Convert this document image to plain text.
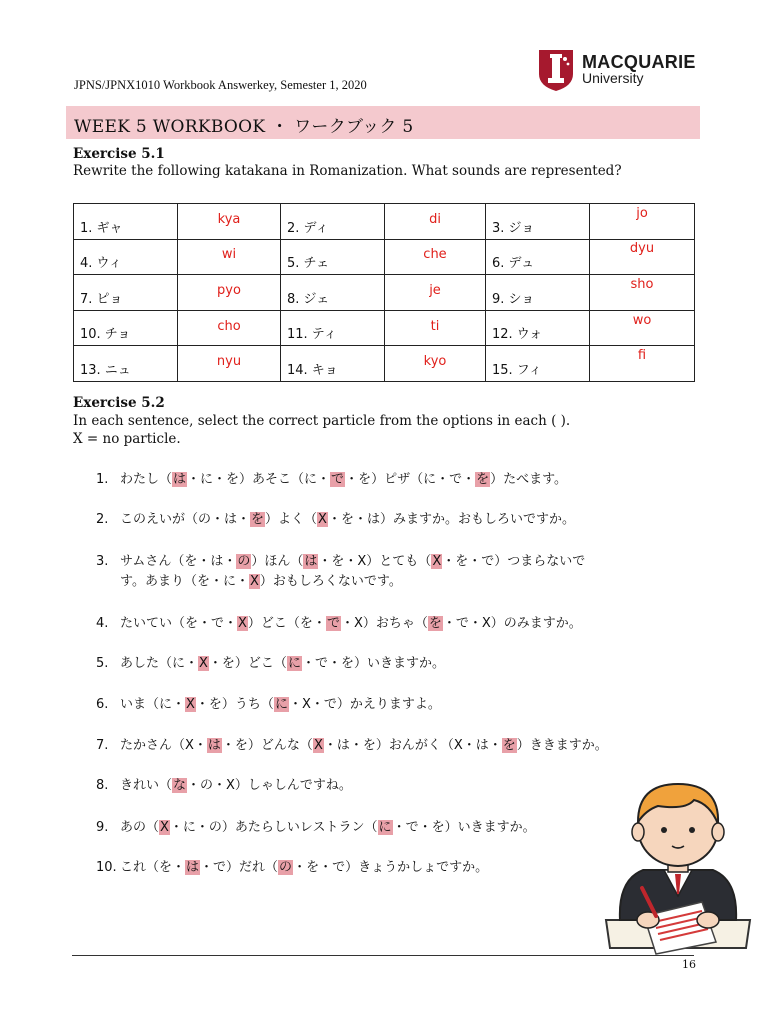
JPNS/JPNX1010 Workbook Answerkey, Semester 1, 2020
MACQUARIE
University
WEEK 5 WORKBOOK ・ ワークブック 5
Exercise 5.1
Rewrite the following katakana in Romanization. What sounds are represented?
1. ギャ	kya	2. ディ	di	3. ジョ	jo
4. ウィ	wi	5. チェ	che	6. デュ	dyu
7. ピョ	pyo	8. ジェ	je	9. ショ	sho
10. チョ	cho	11. ティ	ti	12. ウォ	wo
13. ニュ	nyu	14. キョ	kyo	15. フィ	fi
Exercise 5.2
In each sentence, select the correct particle from the options in each ( ).
X = no particle.
1. わたし（は・に・を）あそこ（に・で・を）ピザ（に・で・を）たべます。
2. このえいが（の・は・を）よく（X・を・は）みますか。おもしろいですか。
3. サムさん（を・は・の）ほん（は・を・X）とても（X・を・で）つまらないで
す。あまり（を・に・X）おもしろくないです。
4. たいてい（を・で・X）どこ（を・で・X）おちゃ（を・で・X）のみますか。
5. あした（に・X・を）どこ（に・で・を）いきますか。
6. いま（に・X・を）うち（に・X・で）かえりますよ。
7. たかさん（X・は・を）どんな（X・は・を）おんがく（X・は・を）ききますか。
8. きれい（な・の・X）しゃしんですね。
9. あの（X・に・の）あたらしいレストラン（に・で・を）いきますか。
10. これ（を・は・で）だれ（の・を・で）きょうかしょですか。
16
